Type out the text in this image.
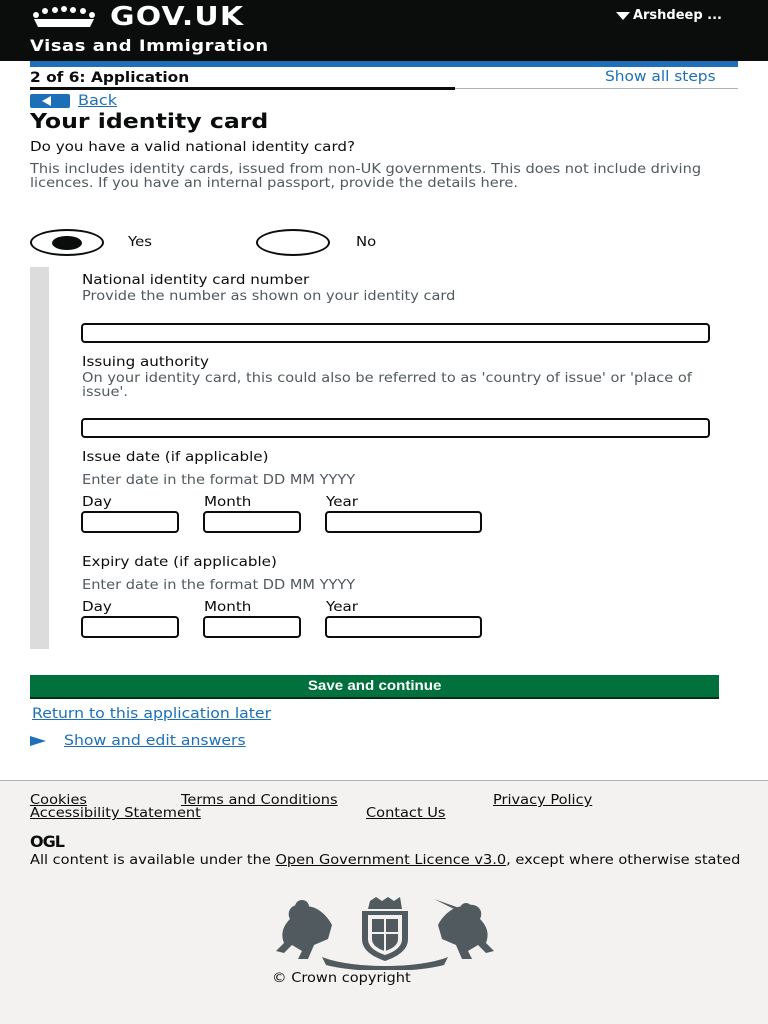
GOV.UK
Visas and Immigration
Arshdeep ...
2 of 6: Application	Show all steps
Back
Your identity card
Do you have a valid national identity card?
This includes identity cards, issued from non-UK governments. This does not include driving licences. If you have an internal passport, provide the details here.
Yes	No
National identity card number
Provide the number as shown on your identity card
Issuing authority
On your identity card, this could also be referred to as 'country of issue' or 'place of issue'.
Issue date (if applicable)
Enter date in the format DD MM YYYY
Day	Month	Year
Expiry date (if applicable)
Enter date in the format DD MM YYYY
Day	Month	Year
Save and continue
Return to this application later
Show and edit answers
Cookies	Terms and Conditions	Privacy Policy
Accessibility Statement	Contact Us
OGL
All content is available under the Open Government Licence v3.0, except where otherwise stated
© Crown copyright
